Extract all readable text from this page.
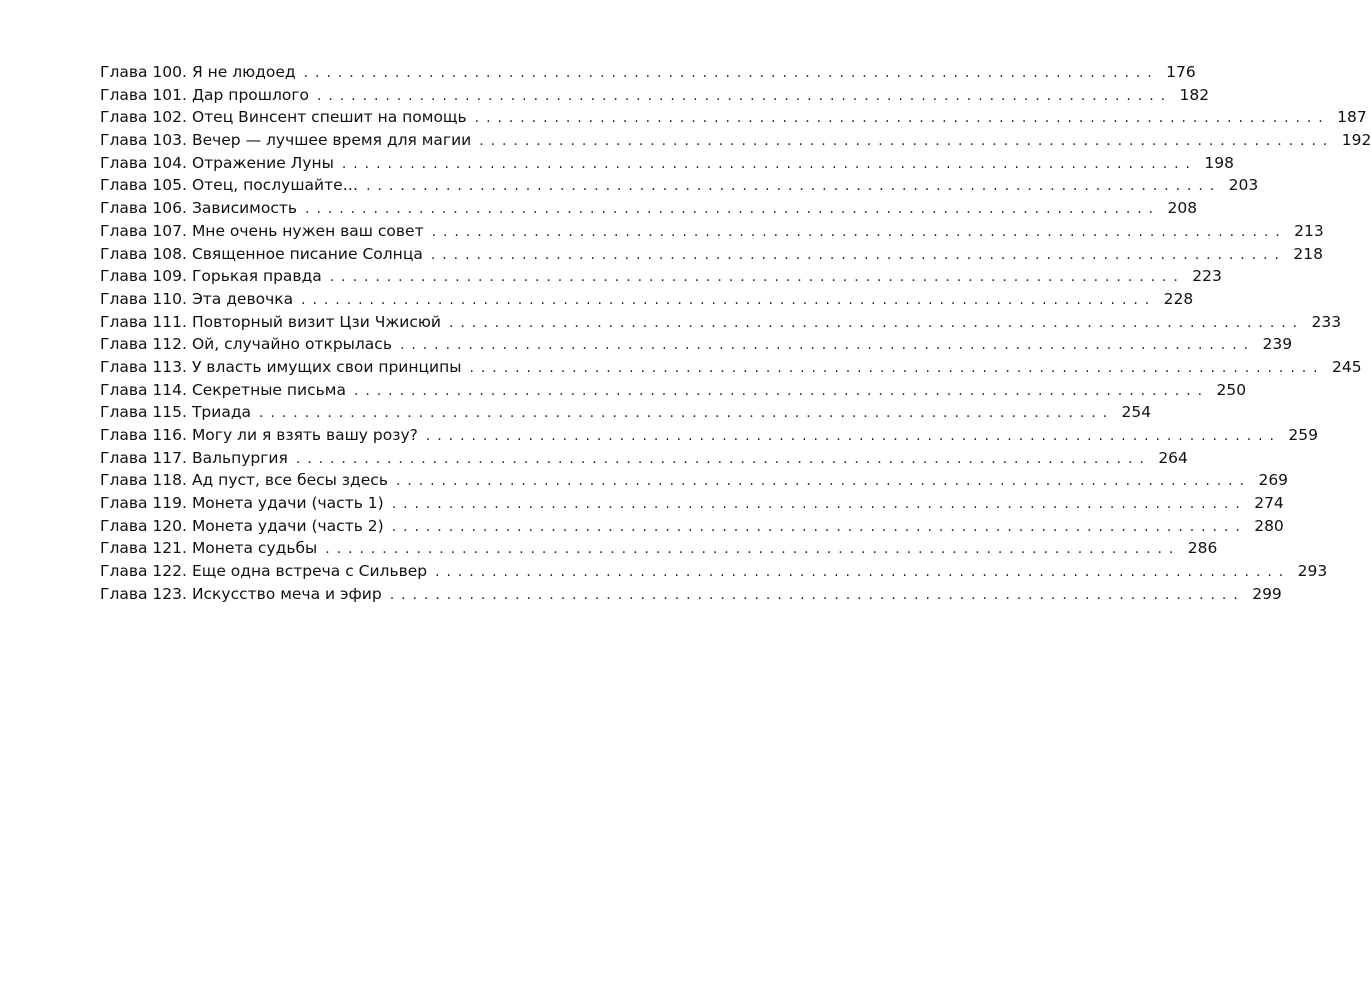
Глава 100. Я не людоед . . .	176
Глава 101. Дар прошлого . . .	182
Глава 102. Отец Винсент спешит на помощь . . .	187
Глава 103. Вечер — лучшее время для магии . . .	192
Глава 104. Отражение Луны . . .	198
Глава 105. Отец, послушайте… . . .	203
Глава 106. Зависимость . . .	208
Глава 107. Мне очень нужен ваш совет . . .	213
Глава 108. Священное писание Солнца . . .	218
Глава 109. Горькая правда . . .	223
Глава 110. Эта девочка . . .	228
Глава 111. Повторный визит Цзи Чжисюй . . .	233
Глава 112. Ой, случайно открылась . . .	239
Глава 113. У власть имущих свои принципы . . .	245
Глава 114. Секретные письма . . .	250
Глава 115. Триада . . .	254
Глава 116. Могу ли я взять вашу розу? . . .	259
Глава 117. Вальпургия . . .	264
Глава 118. Ад пуст, все бесы здесь . . .	269
Глава 119. Монета удачи (часть 1) . . .	274
Глава 120. Монета удачи (часть 2) . . .	280
Глава 121. Монета судьбы . . .	286
Глава 122. Еще одна встреча с Сильвер . . .	293
Глава 123. Искусство меча и эфир . . .	299
